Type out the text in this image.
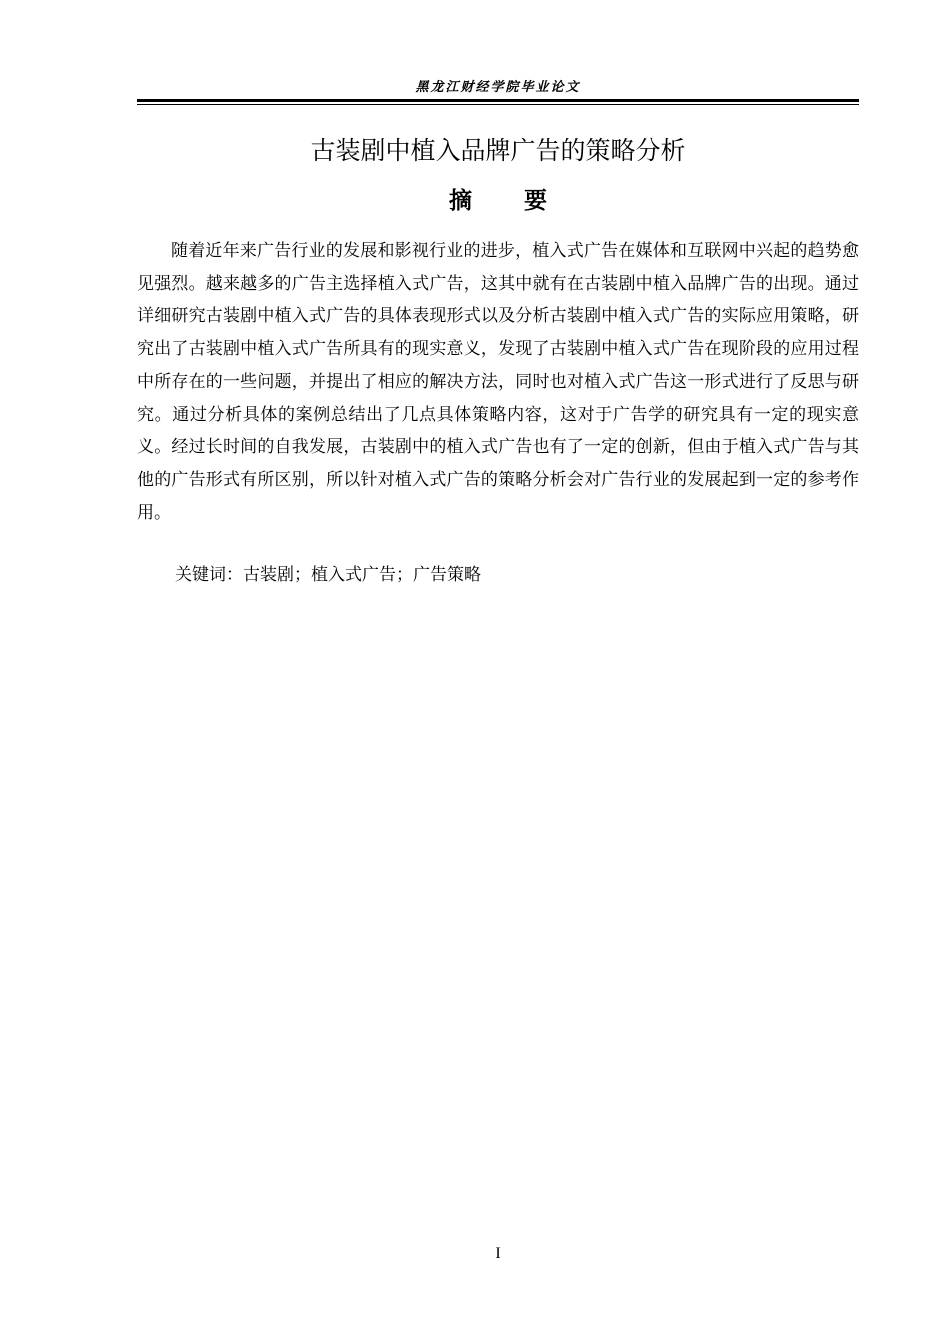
黑龙江财经学院毕业论文
古装剧中植入品牌广告的策略分析
摘要

随着近年来广告行业的发展和影视行业的进步，植入式广告在媒体和互联网中兴起的趋势愈见强烈。越来越多的广告主选择植入式广告，这其中就有在古装剧中植入品牌广告的出现。通过详细研究古装剧中植入式广告的具体表现形式以及分析古装剧中植入式广告的实际应用策略，研究出了古装剧中植入式广告所具有的现实意义，发现了古装剧中植入式广告在现阶段的应用过程中所存在的一些问题，并提出了相应的解决方法，同时也对植入式广告这一形式进行了反思与研究。通过分析具体的案例总结出了几点具体策略内容，这对于广告学的研究具有一定的现实意义。经过长时间的自我发展，古装剧中的植入式广告也有了一定的创新，但由于植入式广告与其他的广告形式有所区别，所以针对植入式广告的策略分析会对广告行业的发展起到一定的参考作用。

关键词：古装剧；植入式广告；广告策略
I
